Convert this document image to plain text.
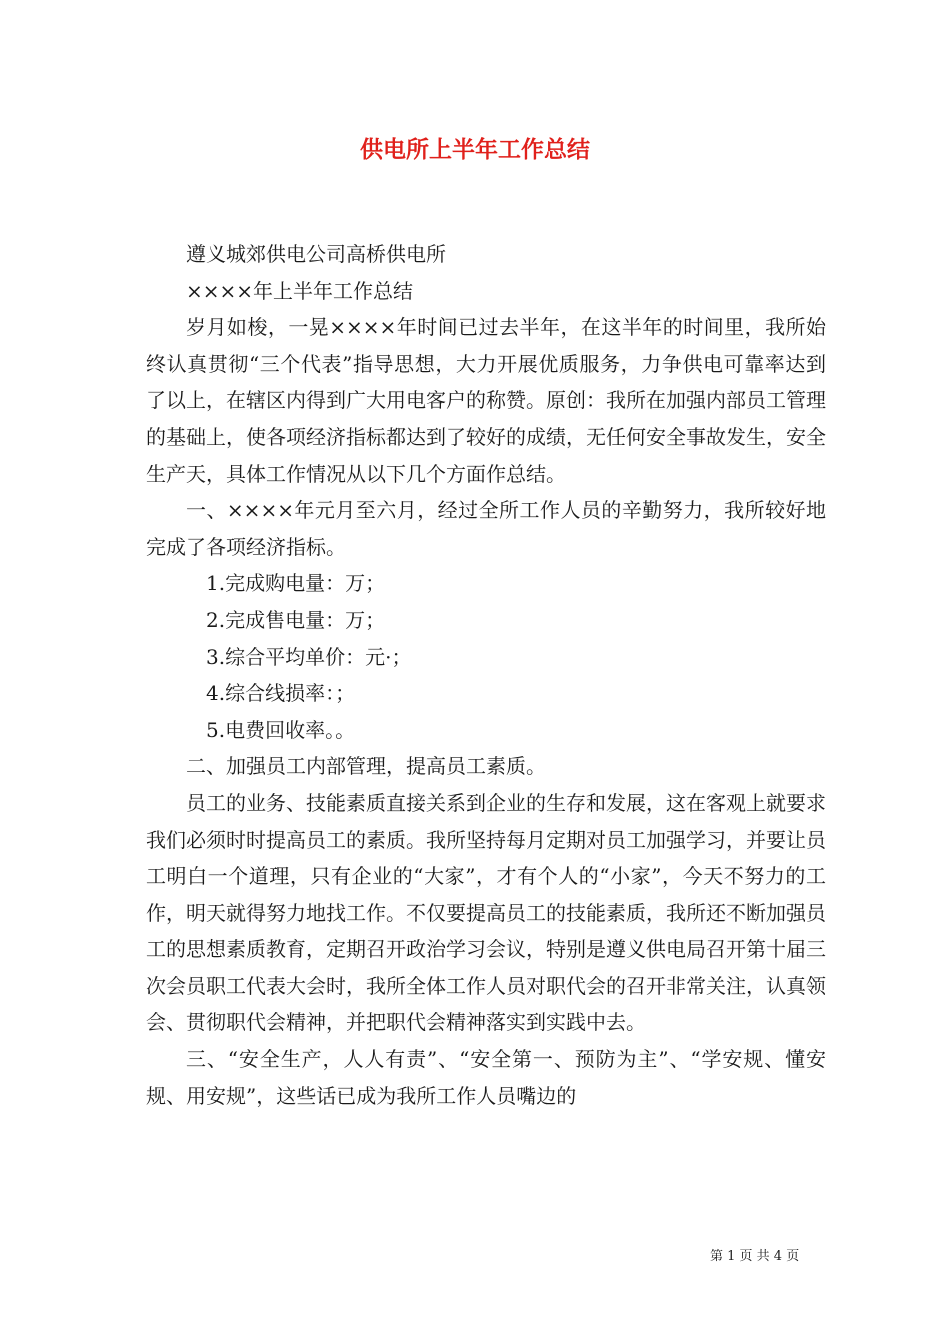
供电所上半年工作总结

遵义城郊供电公司高桥供电所

××××年上半年工作总结

岁月如梭，一晃××××年时间已过去半年，在这半年的时间里，我所始终认真贯彻“三个代表”指导思想，大力开展优质服务，力争供电可靠率达到了以上，在辖区内得到广大用电客户的称赞。原创：我所在加强内部员工管理的基础上，使各项经济指标都达到了较好的成绩，无任何安全事故发生，安全生产天，具体工作情况从以下几个方面作总结。

一、××××年元月至六月，经过全所工作人员的辛勤努力，我所较好地完成了各项经济指标。

1.完成购电量：万；

2.完成售电量：万；

3.综合平均单价：元·；

4.综合线损率：；

5.电费回收率。。

二、加强员工内部管理，提高员工素质。

员工的业务、技能素质直接关系到企业的生存和发展，这在客观上就要求我们必须时时提高员工的素质。我所坚持每月定期对员工加强学习，并要让员工明白一个道理，只有企业的“大家”，才有个人的“小家”，今天不努力的工作，明天就得努力地找工作。不仅要提高员工的技能素质，我所还不断加强员工的思想素质教育，定期召开政治学习会议，特别是遵义供电局召开第十届三次会员职工代表大会时，我所全体工作人员对职代会的召开非常关注，认真领会、贯彻职代会精神，并把职代会精神落实到实践中去。

三、“安全生产，人人有责”、“安全第一、预防为主”、“学安规、懂安规、用安规”，这些话已成为我所工作人员嘴边的

第 1 页 共 4 页
